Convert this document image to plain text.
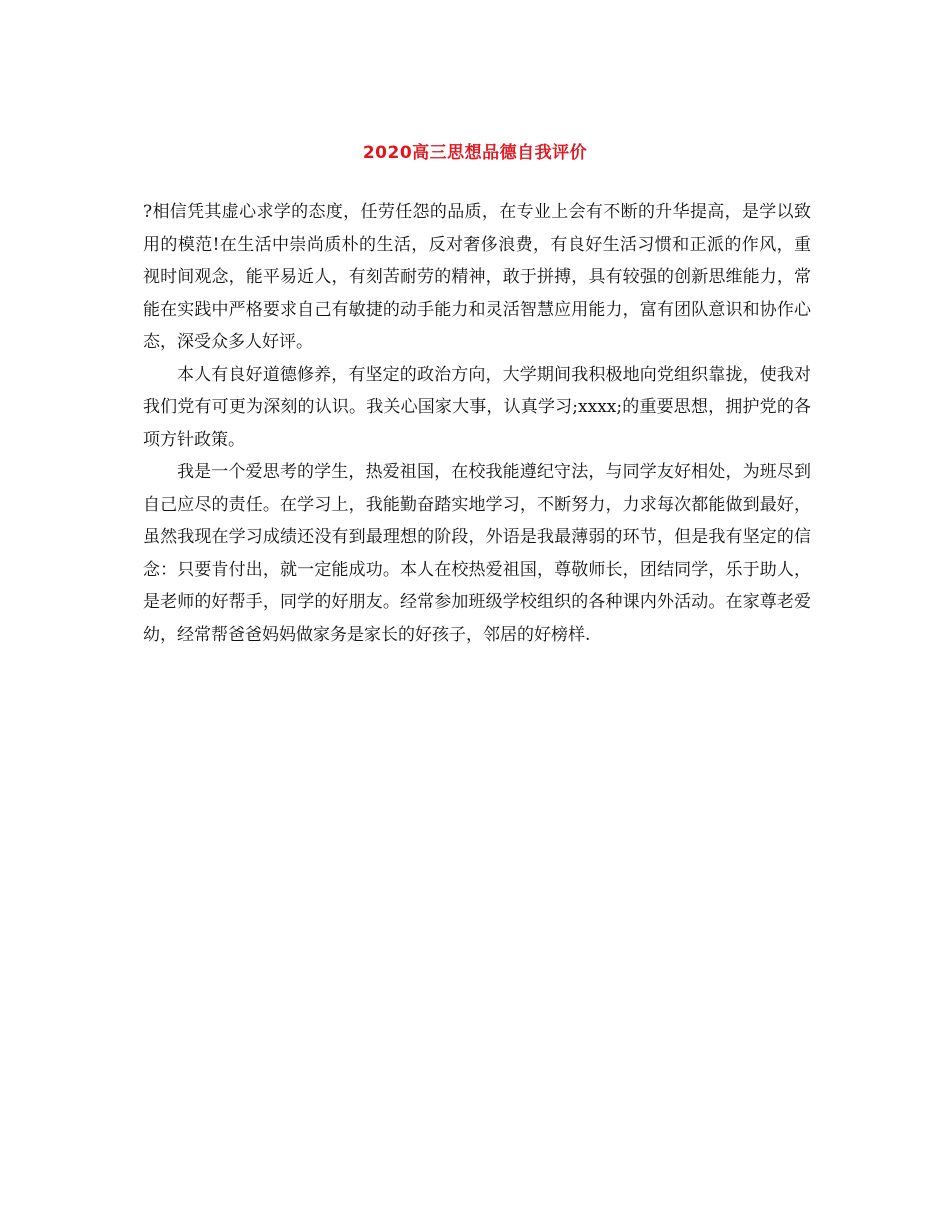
2020高三思想品德自我评价

?相信凭其虚心求学的态度，任劳任怨的品质，在专业上会有不断的升华提高，是学以致用的模范!在生活中崇尚质朴的生活，反对奢侈浪费，有良好生活习惯和正派的作风，重视时间观念，能平易近人，有刻苦耐劳的精神，敢于拼搏，具有较强的创新思维能力，常能在实践中严格要求自己有敏捷的动手能力和灵活智慧应用能力，富有团队意识和协作心态，深受众多人好评。

本人有良好道德修养，有坚定的政治方向，大学期间我积极地向党组织靠拢，使我对我们党有可更为深刻的认识。我关心国家大事，认真学习;xxxx;的重要思想，拥护党的各项方针政策。

我是一个爱思考的学生，热爱祖国，在校我能遵纪守法，与同学友好相处，为班尽到自己应尽的责任。在学习上，我能勤奋踏实地学习，不断努力，力求每次都能做到最好，虽然我现在学习成绩还没有到最理想的阶段，外语是我最薄弱的环节，但是我有坚定的信念：只要肯付出，就一定能成功。本人在校热爱祖国，尊敬师长，团结同学，乐于助人，是老师的好帮手，同学的好朋友。经常参加班级学校组织的各种课内外活动。在家尊老爱幼，经常帮爸爸妈妈做家务是家长的好孩子，邻居的好榜样.
